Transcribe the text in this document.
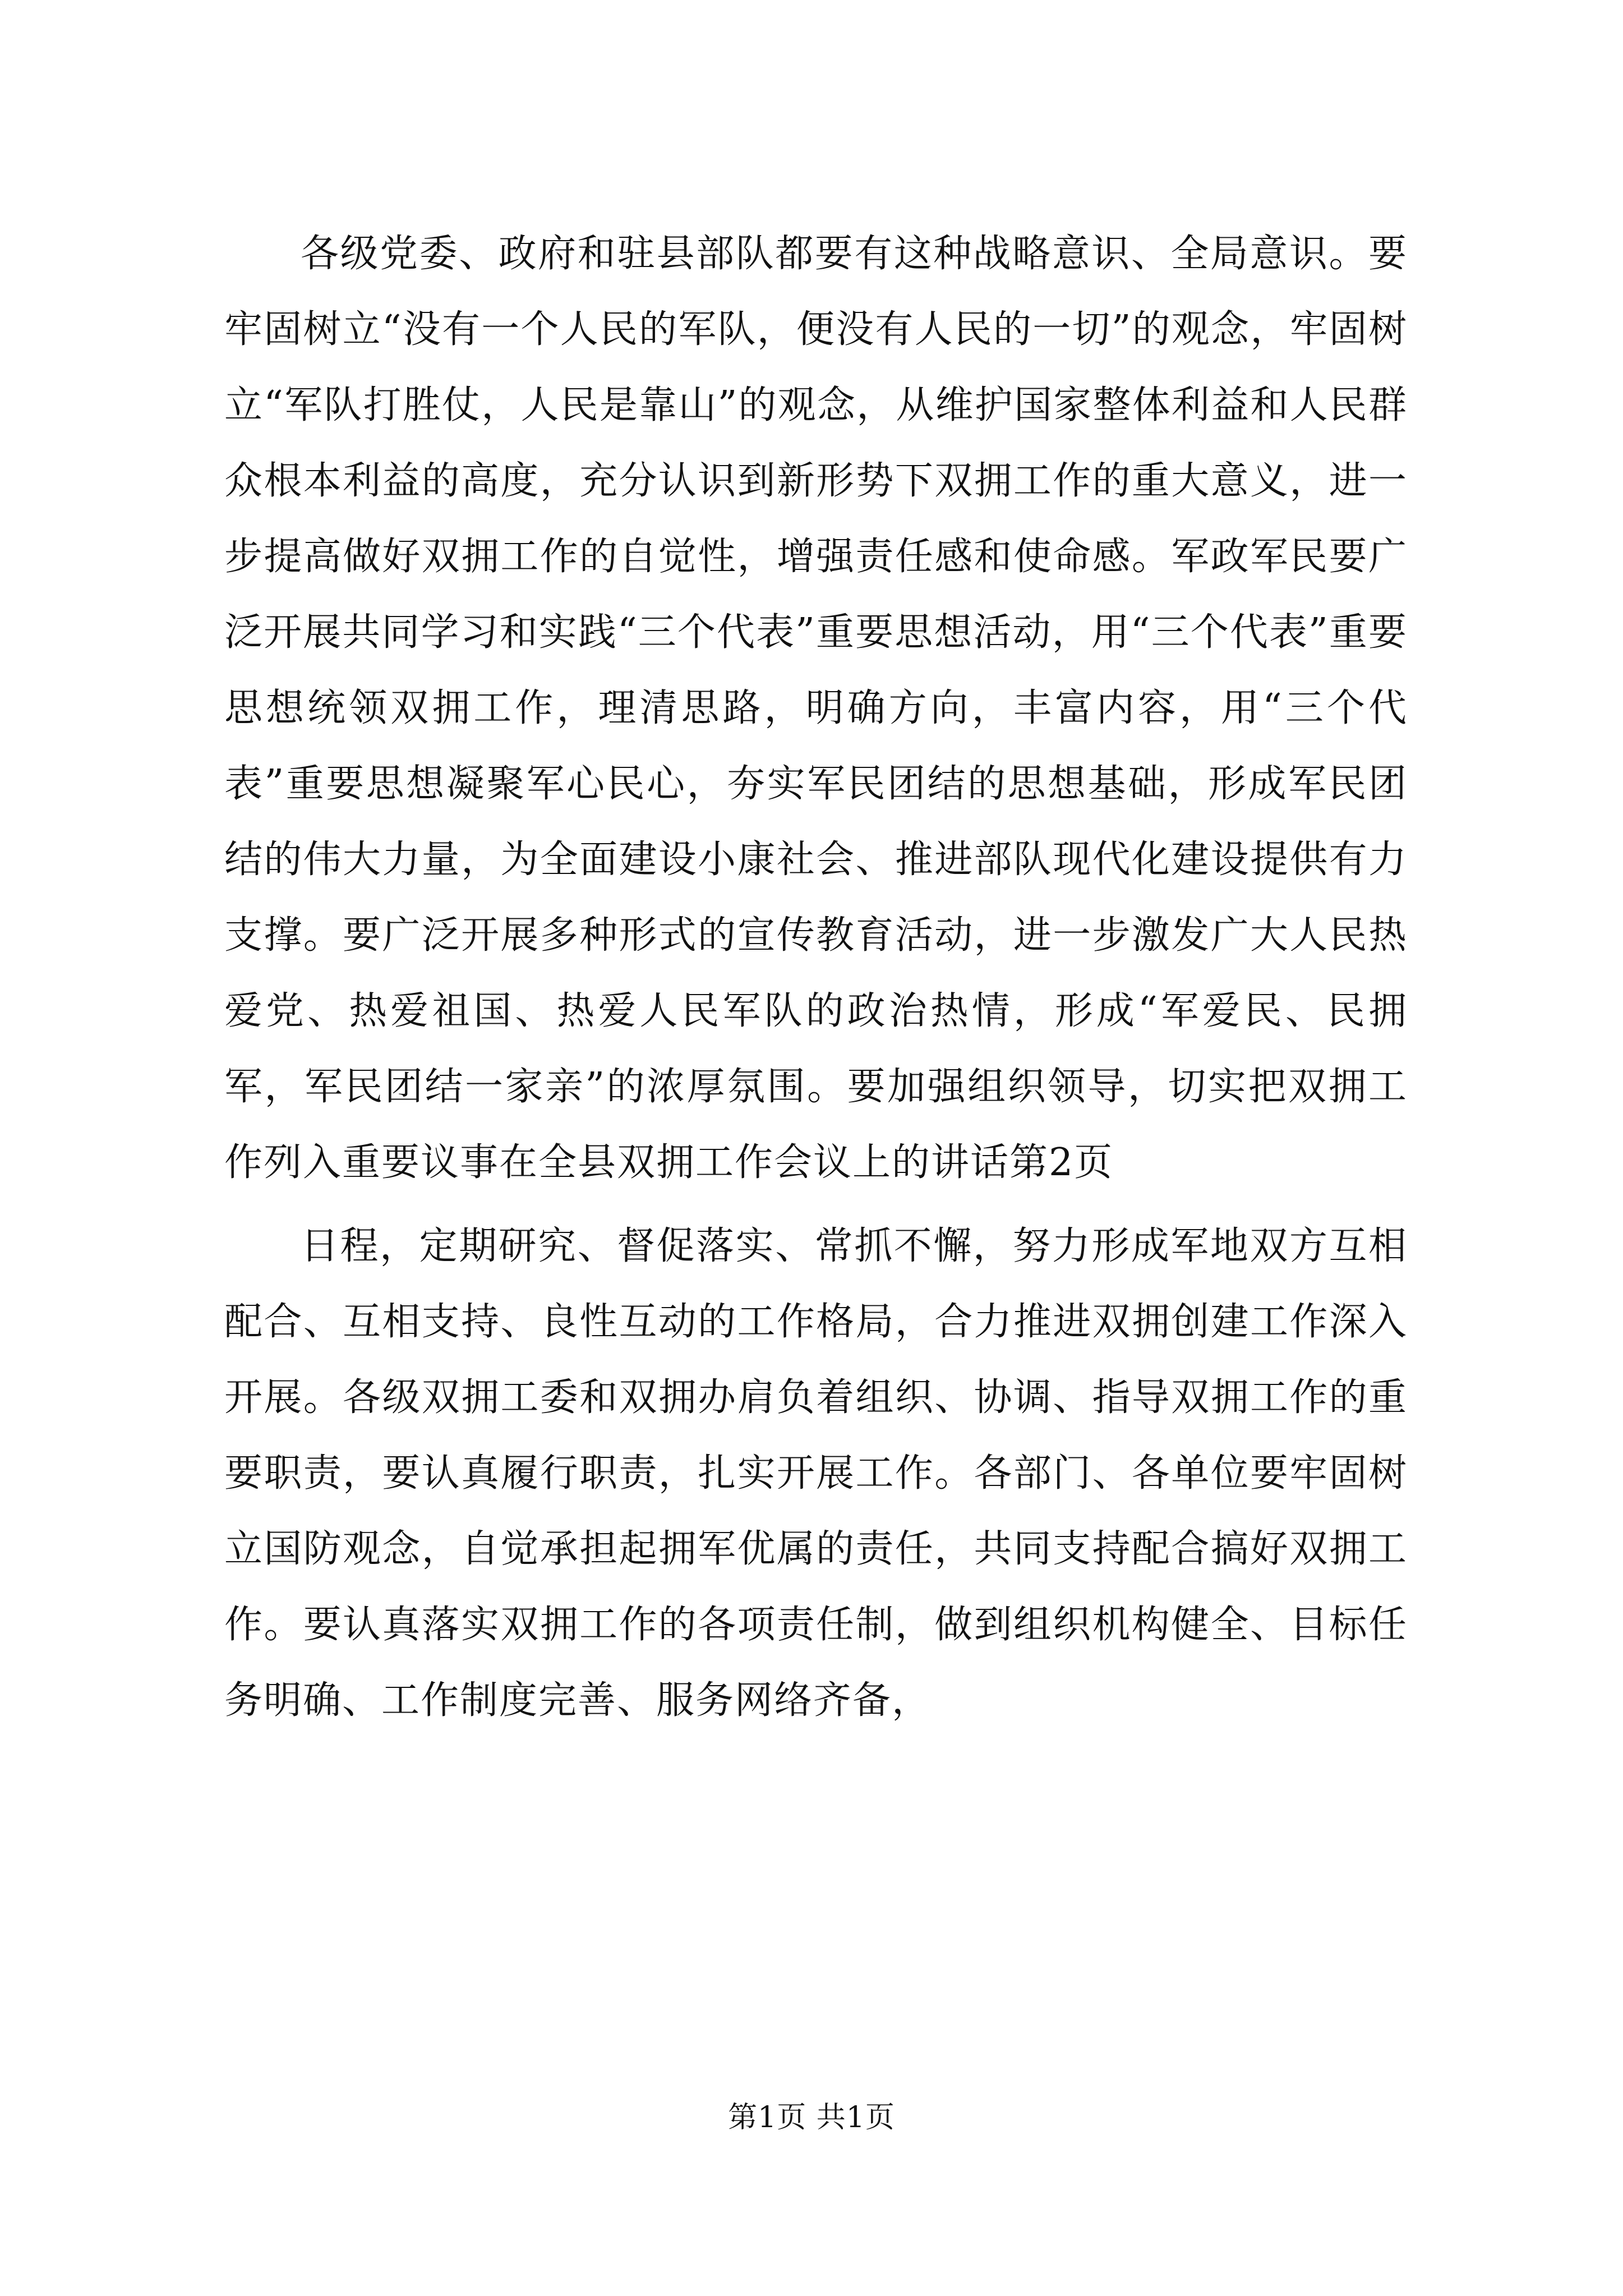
各级党委、政府和驻县部队都要有这种战略意识、全局意识。要牢固树立“没有一个人民的军队，便没有人民的一切”的观念，牢固树立“军队打胜仗，人民是靠山”的观念，从维护国家整体利益和人民群众根本利益的高度，充分认识到新形势下双拥工作的重大意义，进一步提高做好双拥工作的自觉性，增强责任感和使命感。军政军民要广泛开展共同学习和实践“三个代表”重要思想活动，用“三个代表”重要思想统领双拥工作，理清思路，明确方向，丰富内容，用“三个代表”重要思想凝聚军心民心，夯实军民团结的思想基础，形成军民团结的伟大力量，为全面建设小康社会、推进部队现代化建设提供有力支撑。要广泛开展多种形式的宣传教育活动，进一步激发广大人民热爱党、热爱祖国、热爱人民军队的政治热情，形成“军爱民、民拥军，军民团结一家亲”的浓厚氛围。要加强组织领导，切实把双拥工作列入重要议事在全县双拥工作会议上的讲话第2页

日程，定期研究、督促落实、常抓不懈，努力形成军地双方互相配合、互相支持、良性互动的工作格局，合力推进双拥创建工作深入开展。各级双拥工委和双拥办肩负着组织、协调、指导双拥工作的重要职责，要认真履行职责，扎实开展工作。各部门、各单位要牢固树立国防观念，自觉承担起拥军优属的责任，共同支持配合搞好双拥工作。要认真落实双拥工作的各项责任制，做到组织机构健全、目标任务明确、工作制度完善、服务网络齐备，

第1页 共1页
